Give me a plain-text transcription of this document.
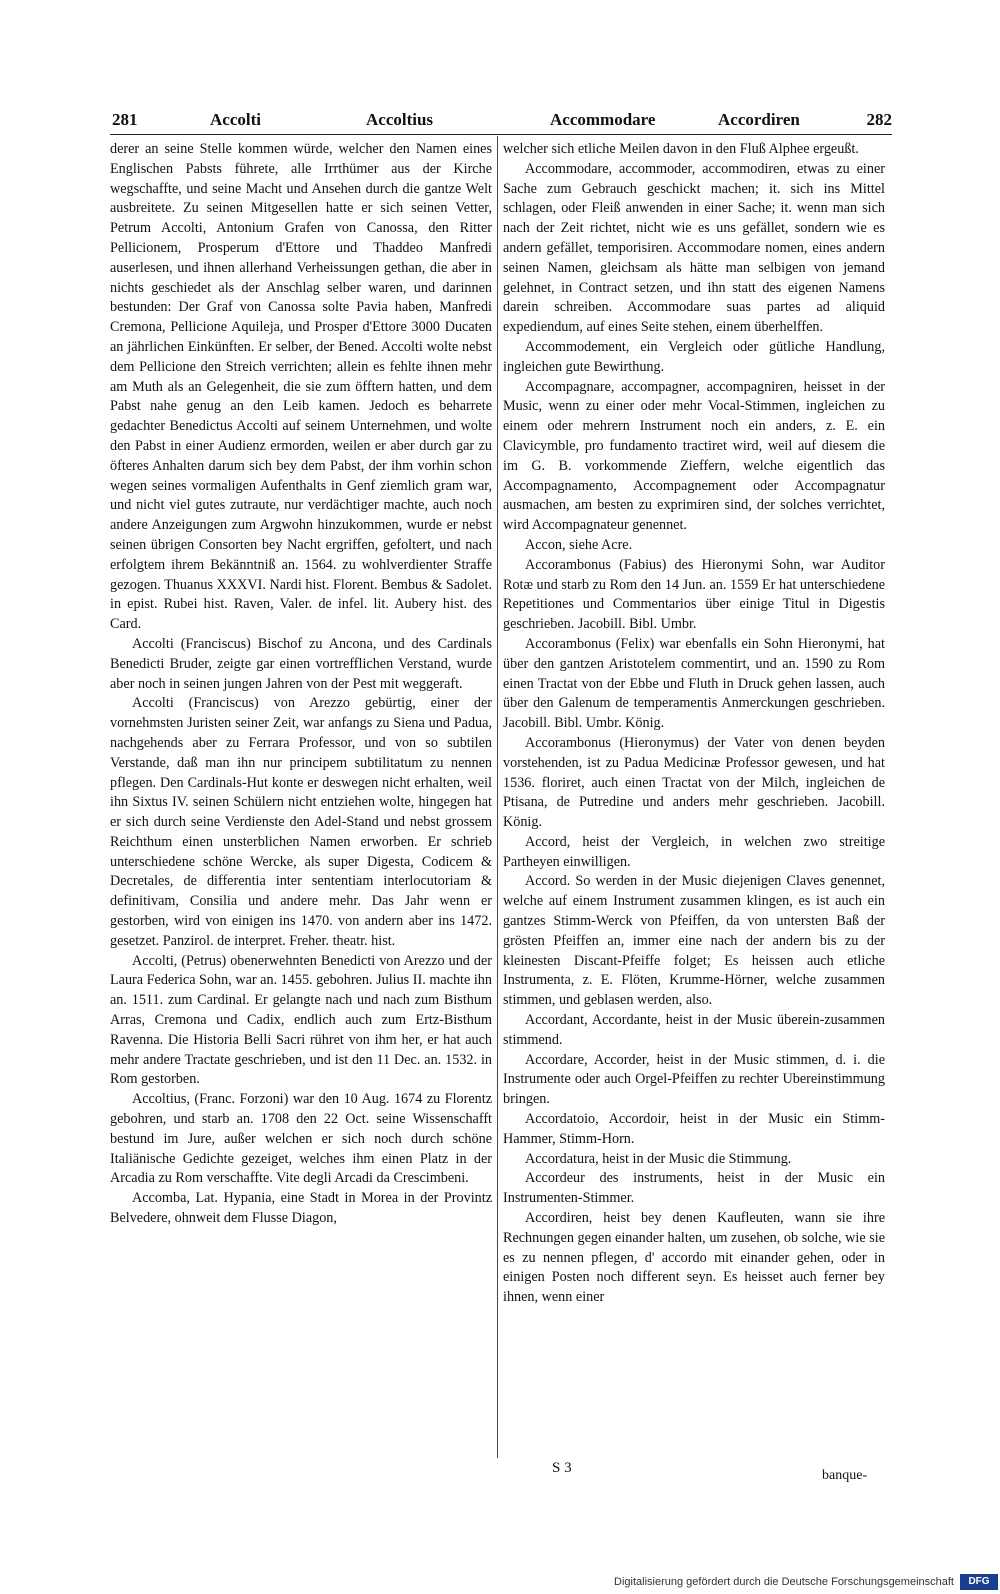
281	Accolti	Accoltius	Accommodare	Accordiren	282

derer an seine Stelle kommen würde, welcher den Namen eines Englischen Pabsts führete, alle Irrthümer aus der Kirche wegschaffte, und seine Macht und Ansehen durch die gantze Welt ausbreitete. Zu seinen Mitgesellen hatte er sich seinen Vetter, Petrum Accolti, Antonium Grafen von Canossa, den Ritter Pellicionem, Prosperum d'Ettore und Thaddeo Manfredi auserlesen, und ihnen allerhand Verheissungen gethan, die aber in nichts geschiedet als der Anschlag selber waren, und darinnen bestunden: Der Graf von Canossa solte Pavia haben, Manfredi Cremona, Pellicione Aquileja, und Prosper d'Ettore 3000 Ducaten an jährlichen Einkünften. Er selber, der Bened. Accolti wolte nebst dem Pellicione den Streich verrichten; allein es fehlte ihnen mehr am Muth als an Gelegenheit, die sie zum öfftern hatten, und dem Pabst nahe genug an den Leib kamen. Jedoch es beharrete gedachter Benedictus Accolti auf seinem Unternehmen, und wolte den Pabst in einer Audienz ermorden, weilen er aber durch gar zu öfteres Anhalten darum sich bey dem Pabst, der ihm vorhin schon wegen seines vormaligen Aufenthalts in Genf ziemlich gram war, und nicht viel gutes zutraute, nur verdächtiger machte, auch noch andere Anzeigungen zum Argwohn hinzukommen, wurde er nebst seinen übrigen Consorten bey Nacht ergriffen, gefoltert, und nach erfolgtem ihrem Bekänntniß an. 1564. zu wohlverdienter Straffe gezogen. Thuanus XXXVI. Nardi hist. Florent. Bembus & Sadolet. in epist. Rubei hist. Raven, Valer. de infel. lit. Aubery hist. des Card.

Accolti (Franciscus) Bischof zu Ancona, und des Cardinals Benedicti Bruder, zeigte gar einen vortrefflichen Verstand, wurde aber noch in seinen jungen Jahren von der Pest mit weggeraft.

Accolti (Franciscus) von Arezzo gebürtig, einer der vornehmsten Juristen seiner Zeit, war anfangs zu Siena und Padua, nachgehends aber zu Ferrara Professor, und von so subtilen Verstande, daß man ihn nur principem subtilitatum zu nennen pflegen. Den Cardinals-Hut konte er deswegen nicht erhalten, weil ihn Sixtus IV. seinen Schülern nicht entziehen wolte, hingegen hat er sich durch seine Verdienste den Adel-Stand und nebst grossem Reichthum einen unsterblichen Namen erworben. Er schrieb unterschiedene schöne Wercke, als super Digesta, Codicem & Decretales, de differentia inter sententiam interlocutoriam & definitivam, Consilia und andere mehr. Das Jahr wenn er gestorben, wird von einigen ins 1470. von andern aber ins 1472. gesetzet. Panzirol. de interpret. Freher. theatr. hist.

Accolti, (Petrus) obenerwehnten Benedicti von Arezzo und der Laura Federica Sohn, war an. 1455. gebohren. Julius II. machte ihn an. 1511. zum Cardinal. Er gelangte nach und nach zum Bisthum Arras, Cremona und Cadix, endlich auch zum Ertz-Bisthum Ravenna. Die Historia Belli Sacri rühret von ihm her, er hat auch mehr andere Tractate geschrieben, und ist den 11 Dec. an. 1532. in Rom gestorben.

Accoltius, (Franc. Forzoni) war den 10 Aug. 1674 zu Florentz gebohren, und starb an. 1708 den 22 Oct. seine Wissenschafft bestund im Jure, außer welchen er sich noch durch schöne Italiänische Gedichte gezeiget, welches ihm einen Platz in der Arcadia zu Rom verschaffte. Vite degli Arcadi da Crescimbeni.

Accomba, Lat. Hypania, eine Stadt in Morea in der Provintz Belvedere, ohnweit dem Flusse Diagon,

welcher sich etliche Meilen davon in den Fluß Alphee ergeußt.

Accommodare, accommoder, accommodiren, etwas zu einer Sache zum Gebrauch geschickt machen; it. sich ins Mittel schlagen, oder Fleiß anwenden in einer Sache; it. wenn man sich nach der Zeit richtet, nicht wie es uns gefället, sondern wie es andern gefället, temporisiren. Accommodare nomen, eines andern seinen Namen, gleichsam als hätte man selbigen von jemand gelehnet, in Contract setzen, und ihn statt des eigenen Namens darein schreiben. Accommodare suas partes ad aliquid expediendum, auf eines Seite stehen, einem überhelffen.

Accommodement, ein Vergleich oder gütliche Handlung, ingleichen gute Bewirthung.

Accompagnare, accompagner, accompagniren, heisset in der Music, wenn zu einer oder mehr Vocal-Stimmen, ingleichen zu einem oder mehrern Instrument noch ein anders, z. E. ein Clavicymble, pro fundamento tractiret wird, weil auf diesem die im G. B. vorkommende Zieffern, welche eigentlich das Accompagnamento, Accompagnement oder Accompagnatur ausmachen, am besten zu exprimiren sind, der solches verrichtet, wird Accompagnateur genennet.

Accon, siehe Acre.

Accorambonus (Fabius) des Hieronymi Sohn, war Auditor Rotæ und starb zu Rom den 14 Jun. an. 1559 Er hat unterschiedene Repetitiones und Commentarios über einige Titul in Digestis geschrieben. Jacobill. Bibl. Umbr.

Accorambonus (Felix) war ebenfalls ein Sohn Hieronymi, hat über den gantzen Aristotelem commentirt, und an. 1590 zu Rom einen Tractat von der Ebbe und Fluth in Druck gehen lassen, auch über den Galenum de temperamentis Anmerckungen geschrieben. Jacobill. Bibl. Umbr. König.

Accorambonus (Hieronymus) der Vater von denen beyden vorstehenden, ist zu Padua Medicinæ Professor gewesen, und hat 1536. floriret, auch einen Tractat von der Milch, ingleichen de Ptisana, de Putredine und anders mehr geschrieben. Jacobill. König.

Accord, heist der Vergleich, in welchen zwo streitige Partheyen einwilligen.

Accord. So werden in der Music diejenigen Claves genennet, welche auf einem Instrument zusammen klingen, es ist auch ein gantzes Stimm-Werck von Pfeiffen, da von untersten Baß der grösten Pfeiffen an, immer eine nach der andern bis zu der kleinesten Discant-Pfeiffe folget; Es heissen auch etliche Instrumenta, z. E. Flöten, Krumme-Hörner, welche zusammen stimmen, und geblasen werden, also.

Accordant, Accordante, heist in der Music überein-zusammen stimmend.

Accordare, Accorder, heist in der Music stimmen, d. i. die Instrumente oder auch Orgel-Pfeiffen zu rechter Ubereinstimmung bringen.

Accordatoio, Accordoir, heist in der Music ein Stimm-Hammer, Stimm-Horn.

Accordatura, heist in der Music die Stimmung.

Accordeur des instruments, heist in der Music ein Instrumenten-Stimmer.

Accordiren, heist bey denen Kaufleuten, wann sie ihre Rechnungen gegen einander halten, um zusehen, ob solche, wie sie es zu nennen pflegen, d' accordo mit einander gehen, oder in einigen Posten noch different seyn. Es heisset auch ferner bey ihnen, wenn einer

S 3	banque-
Digitalisierung gefördert durch die Deutsche Forschungsgemeinschaft	DFG
